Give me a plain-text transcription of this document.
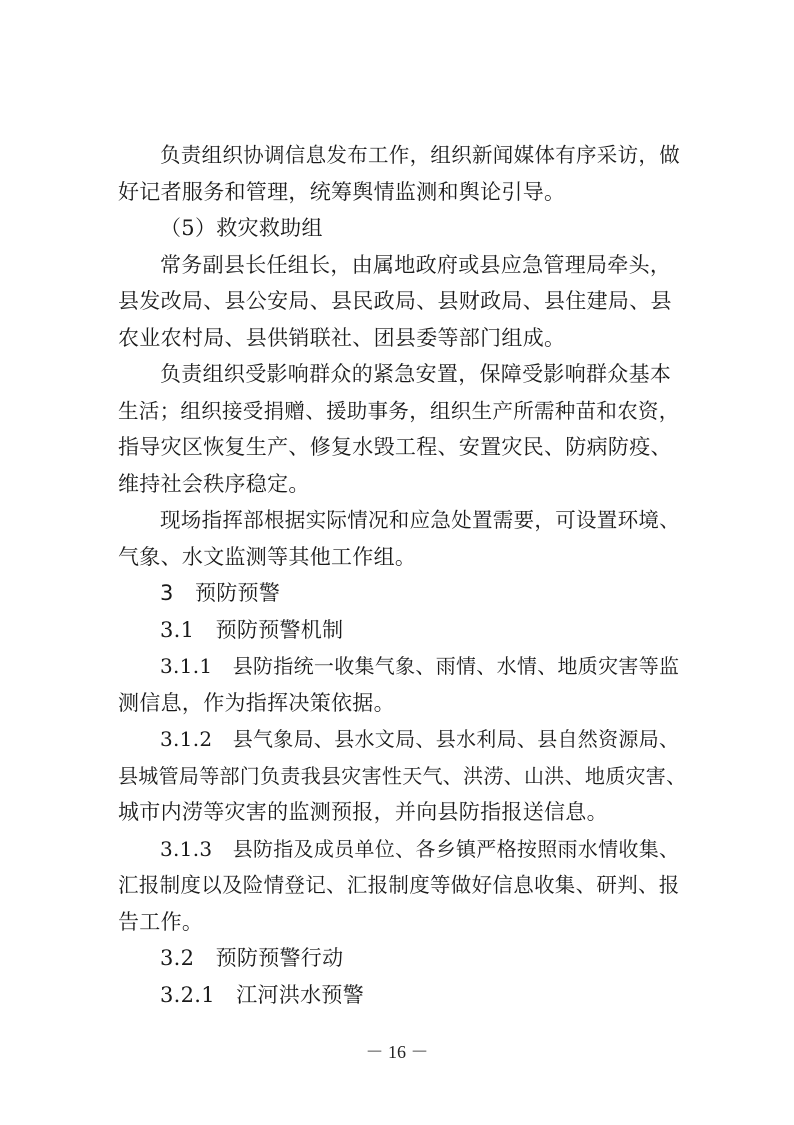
负责组织协调信息发布工作，组织新闻媒体有序采访，做
好记者服务和管理，统筹舆情监测和舆论引导。
（5）救灾救助组
常务副县长任组长，由属地政府或县应急管理局牵头，
县发改局、县公安局、县民政局、县财政局、县住建局、县
农业农村局、县供销联社、团县委等部门组成。
负责组织受影响群众的紧急安置，保障受影响群众基本
生活；组织接受捐赠、援助事务，组织生产所需种苗和农资，
指导灾区恢复生产、修复水毁工程、安置灾民、防病防疫、
维持社会秩序稳定。
现场指挥部根据实际情况和应急处置需要，可设置环境、
气象、水文监测等其他工作组。
3　预防预警
3.1　预防预警机制
3.1.1　县防指统一收集气象、雨情、水情、地质灾害等监
测信息，作为指挥决策依据。
3.1.2　县气象局、县水文局、县水利局、县自然资源局、
县城管局等部门负责我县灾害性天气、洪涝、山洪、地质灾害、
城市内涝等灾害的监测预报，并向县防指报送信息。
3.1.3　县防指及成员单位、各乡镇严格按照雨水情收集、
汇报制度以及险情登记、汇报制度等做好信息收集、研判、报
告工作。
3.2　预防预警行动
3.2.1　江河洪水预警
－ 16 －
